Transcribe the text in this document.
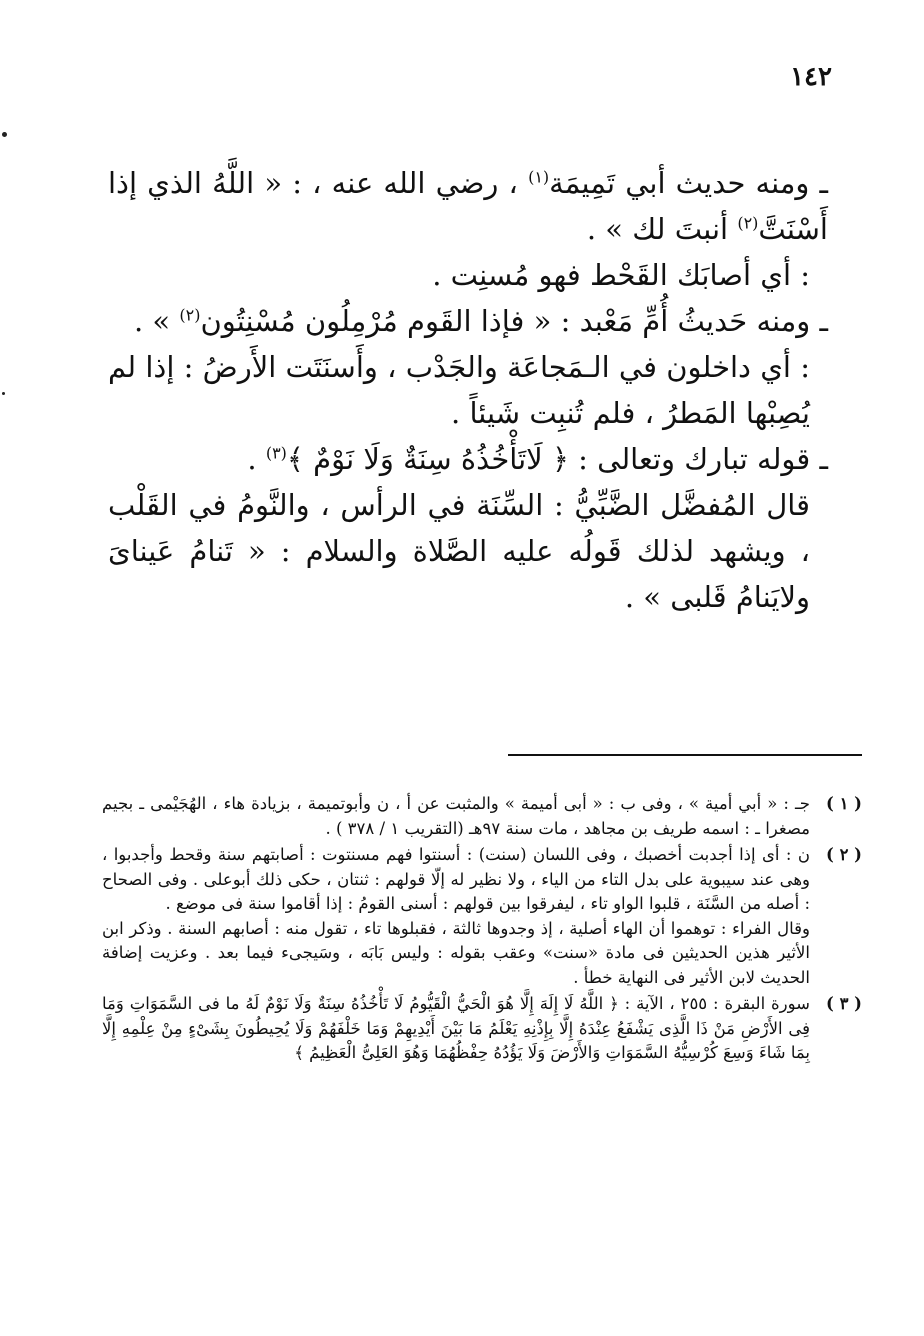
١٤٢

ـ ومنه حديث أبي تَمِيمَة$^{(١)}$ ، رضي الله عنه ، : « اللَّهُ الذي إذا أَسْنَتَّ$^{(٢)}$ أنبتَ لك » .

: أي أصابَك القَحْط فهو مُسنِت .

ـ ومنه حَديثُ أُمِّ مَعْبد : « فإذا القَوم مُرْمِلُون مُسْنِتُون$^{(٢)}$ » .

: أي داخلون في الـمَجاعَة والجَدْب ، وأَسنَتَت الأَرضُ : إذا لم يُصِبْها المَطرُ ، فلم تُنبِت شَيئاً .

ـ قوله تبارك وتعالى : ﴿ لَاتَأْخُذُهُ سِنَةٌ وَلَا نَوْمٌ ﴾$^{(٣)}$ .

قال المُفضَّل الضَّبِّيُّ : السِّنَة في الرأس ، والنَّومُ في القَلْب ، ويشهد لذلك قَولُه عليه الصَّلاة والسلام : « تَنامُ عَيناىَ ولايَنامُ قَلبى » .

( ١ )

جـ : « أبي أمية » ، وفى ب : « أبى أميمة » والمثبت عن أ ، ن وأبوتميمة ، بزيادة هاء ، الهُجَيْمى ـ بجيم مصغرا ـ : اسمه طريف بن مجاهد ، مات سنة ٩٧هـ (التقريب ١ / ٣٧٨ ) .

( ٢ )

ن : أى إذا أجدبت أخصبك ، وفى اللسان (سنت) : أسنتوا فهم مسنتوت : أصابتهم سنة وقحط وأجدبوا ، وهى عند سيبوية على بدل التاء من الياء ، ولا نظير له إلّا قولهم : ثنتان ، حكى ذلك أبوعلى . وفى الصحاح : أصله من السَّنَة ، قلبوا الواو تاء ، ليفرقوا بين قولهم : أسنى القومُ : إذا أقاموا سنة فى موضع .

وقال الفراء : توهموا أن الهاء أصلية ، إذ وجدوها ثالثة ، فقبلوها تاء ، تقول منه : أصابهم السنة . وذكر ابن الأثير هذين الحديثين فى مادة «سنت» وعقب بقوله : وليس بَابَه ، وسَيجىء فيما بعد . وعزيت إضافة الحديث لابن الأثير فى النهاية خطأ .

( ٣ )

سورة البقرة : ٢٥٥ ، الآية : ﴿ اللَّهُ لَا إِلَهَ إِلَّا هُوَ الْحَيُّ الْقَيُّومُ لَا تَأْخُذُهُ سِنَةٌ وَلَا نَوْمٌ لَهُ ما فى السَّمَوَاتِ وَمَا فِى الأَرْضِ مَنْ ذَا الَّذِى يَشْفَعُ عِنْدَهُ إِلَّا بِإِذْنِهِ يَعْلَمُ مَا بَيْنَ أَيْدِيهِمْ وَمَا خَلْفَهُمْ وَلَا يُحِيطُونَ بِشَىْءٍ مِنْ عِلْمِهِ إِلَّا بِمَا شَاءَ وَسِعَ كُرْسِيُّهُ السَّمَوَاتِ وَالأَرْضَ وَلَا يَؤُدُهُ حِفْظُهُمَا وَهُوَ العَلِىُّ الْعَظِيمُ ﴾
